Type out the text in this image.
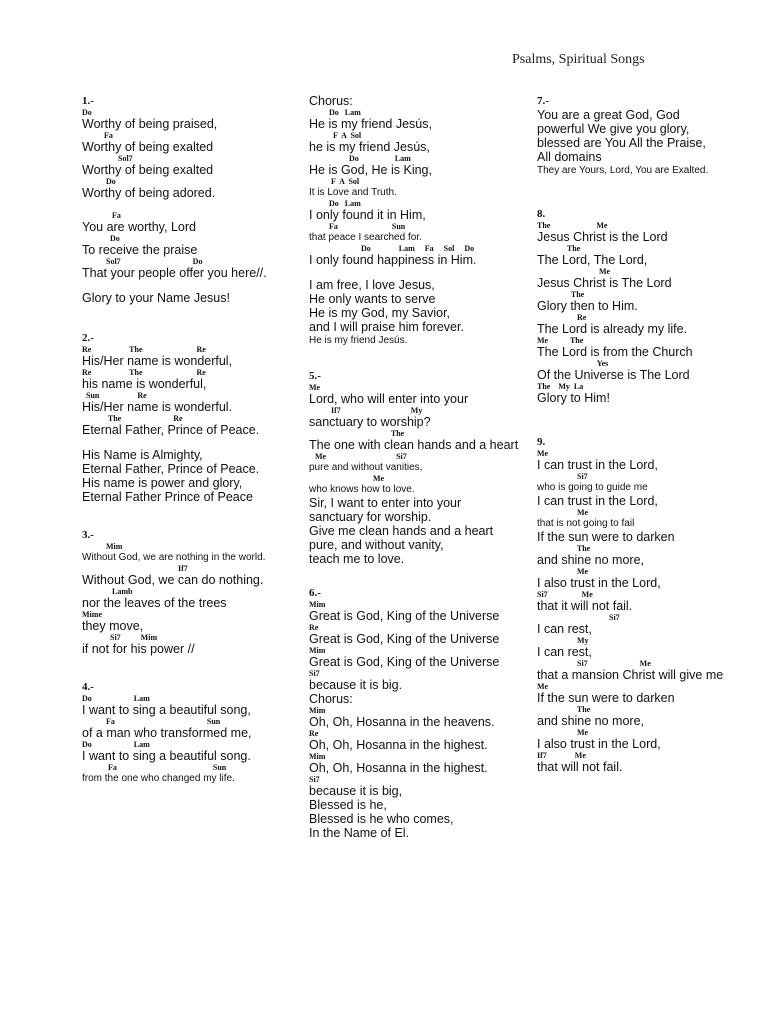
Psalms, Spiritual Songs
1.-
Do
Worthy of being praised,
Fa
Worthy of being exalted
Sol7
Worthy of being exalted
Do
Worthy of being adored.
Fa
You are worthy, Lord
Do
To receive the praise
Sol7                                    Do
That your people offer you here//.
Glory to your Name Jesus!
2.-
Re                   The                           Re
His/Her name is wonderful,
Re                   The                           Re
his name is wonderful,
Sun                   Re
His/Her name is wonderful.
The                          Re
Eternal Father, Prince of Peace.
His Name is Almighty,
Eternal Father, Prince of Peace.
His name is power and glory,
Eternal Father Prince of Peace
3.-
Mim
Without God, we are nothing in the world.
If7
Without God, we can do nothing.
Lamb
nor the leaves of the trees
Mime
they move,
Si7          Mim
if not for his power //
4.-
Do                     Lam
I want to sing a beautiful song,
Fa                                              Sun
of a man who transformed me,
Do                     Lam
I want to sing a beautiful song.
Fa                                                Sun
from the one who changed my life.
Chorus:
Do   Lam
He is my friend Jesús,
F  A  Sol
he is my friend Jesús,
Do                  Lam
He is God, He is King,
F  A  Sol
It is Love and Truth.
Do   Lam
I only found it in Him,
Fa                           Sun
that peace I searched for.
Do              Lam     Fa     Sol     Do
I only found happiness in Him.
I am free, I love Jesus,
He only wants to serve
He is my God, my Savior,
and I will praise him forever.
He is my friend Jesús.
5.-
Me
Lord, who will enter into your
If7                                   My
sanctuary to worship?
The
The one with clean hands and a heart
Me                                   Si7
pure and without vanities,
Me
who knows how to love.
Sir, I want to enter into your
sanctuary for worship.
Give me clean hands and a heart
pure, and without vanity,
teach me to love.
6.-
Mim
Great is God, King of the Universe
Re
Great is God, King of the Universe
Mim
Great is God, King of the Universe
Si7
because it is big.
Chorus:
Mim
Oh, Oh, Hosanna in the heavens.
Re
Oh, Oh, Hosanna in the highest.
Mim
Oh, Oh, Hosanna in the highest.
Si7
because it is big,
Blessed is he,
Blessed is he who comes,
In the Name of El.
7.-
You are a great God, God
powerful We give you glory,
blessed are You All the Praise,
All domains
They are Yours, Lord, You are Exalted.
8.
The                       Me
Jesus Christ is the Lord
The
The Lord, The Lord,
Me
Jesus Christ is The Lord
The
Glory then to Him.
Re
The Lord is already my life.
Me           The
The Lord is from the Church
Yes
Of the Universe is The Lord
The    My  La
Glory to Him!
9.
Me
I can trust in the Lord,
Si7
who is going to guide me
I can trust in the Lord,
Me
that is not going to fail
If the sun were to darken
The
and shine no more,
Me
I also trust in the Lord,
Si7                 Me
that it will not fail.
Si7
I can rest,
My
I can rest,
Si7                          Me
that a mansion Christ will give me
Me
If the sun were to darken
The
and shine no more,
Me
I also trust in the Lord,
If7              Me
that will not fail.
